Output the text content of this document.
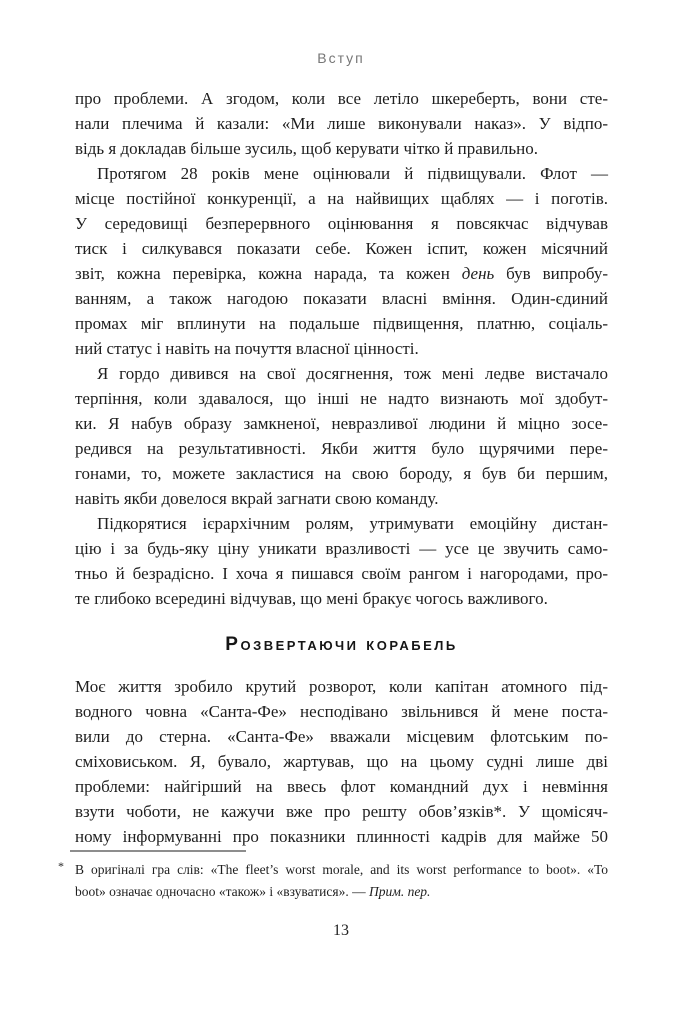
Вступ
про проблеми. А згодом, коли все летіло шкереберть, вони сте-
нали плечима й казали: «Ми лише виконували наказ». У відпо-
відь я докладав більше зусиль, щоб керувати чітко й правильно.
Протягом 28 років мене оцінювали й підвищували. Флот —
місце постійної конкуренції, а на найвищих щаблях — і поготів.
У середовищі безперервного оцінювання я повсякчас відчував
тиск і силкувався показати себе. Кожен іспит, кожен місячний
звіт, кожна перевірка, кожна нарада, та кожен день був випробу-
ванням, а також нагодою показати власні вміння. Один-єдиний
промах міг вплинути на подальше підвищення, платню, соціаль-
ний статус і навіть на почуття власної цінності.
Я гордо дивився на свої досягнення, тож мені ледве вистачало
терпіння, коли здавалося, що інші не надто визнають мої здобут-
ки. Я набув образу замкненої, невразливої людини й міцно зосе-
редився на результативності. Якби життя було щурячими пере-
гонами, то, можете закластися на свою бороду, я був би першим,
навіть якби довелося вкрай загнати свою команду.
Підкорятися ієрархічним ролям, утримувати емоційну дистан-
цію і за будь-яку ціну уникати вразливості — усе це звучить само-
тньо й безрадісно. І хоча я пишався своїм рангом і нагородами, про-
те глибоко всередині відчував, що мені бракує чогось важливого.
Розвертаючи корабель
Моє життя зробило крутий розворот, коли капітан атомного під-
водного човна «Санта-Фе» несподівано звільнився й мене поста-
вили до стерна. «Санта-Фе» вважали місцевим флотським по-
сміховиськом. Я, бувало, жартував, що на цьому судні лише дві
проблеми: найгірший на ввесь флот командний дух і невміння
взути чоботи, не кажучи вже про решту обов’язків*. У щомісяч-
ному інформуванні про показники плинності кадрів для майже 50
* В оригіналі гра слів: «The fleet’s worst morale, and its worst performance to boot». «To
boot» означає одночасно «також» і «взуватися». — Прим. пер.
13
